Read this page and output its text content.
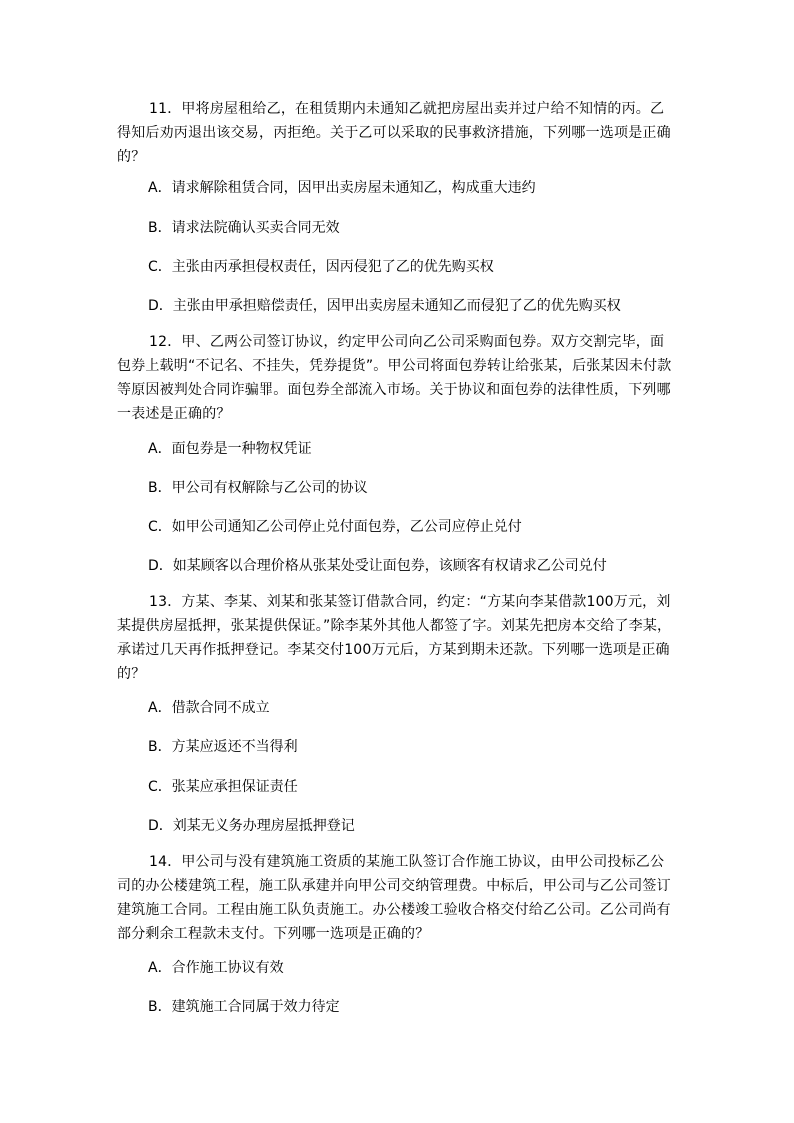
11．甲将房屋租给乙，在租赁期内未通知乙就把房屋出卖并过户给不知情的丙。乙得知后劝丙退出该交易，丙拒绝。关于乙可以采取的民事救济措施，下列哪一选项是正确的？

A．请求解除租赁合同，因甲出卖房屋未通知乙，构成重大违约

B．请求法院确认买卖合同无效

C．主张由丙承担侵权责任，因丙侵犯了乙的优先购买权

D．主张由甲承担赔偿责任，因甲出卖房屋未通知乙而侵犯了乙的优先购买权

12．甲、乙两公司签订协议，约定甲公司向乙公司采购面包券。双方交割完毕，面包券上载明“不记名、不挂失，凭券提货”。甲公司将面包券转让给张某，后张某因未付款等原因被判处合同诈骗罪。面包券全部流入市场。关于协议和面包券的法律性质，下列哪一表述是正确的？

A．面包券是一种物权凭证

B．甲公司有权解除与乙公司的协议

C．如甲公司通知乙公司停止兑付面包券，乙公司应停止兑付

D．如某顾客以合理价格从张某处受让面包券，该顾客有权请求乙公司兑付

13．方某、李某、刘某和张某签订借款合同，约定：“方某向李某借款100万元，刘某提供房屋抵押，张某提供保证。”除李某外其他人都签了字。刘某先把房本交给了李某，承诺过几天再作抵押登记。李某交付100万元后，方某到期未还款。下列哪一选项是正确的？

A．借款合同不成立

B．方某应返还不当得利

C．张某应承担保证责任

D．刘某无义务办理房屋抵押登记

14．甲公司与没有建筑施工资质的某施工队签订合作施工协议，由甲公司投标乙公司的办公楼建筑工程，施工队承建并向甲公司交纳管理费。中标后，甲公司与乙公司签订建筑施工合同。工程由施工队负责施工。办公楼竣工验收合格交付给乙公司。乙公司尚有部分剩余工程款未支付。下列哪一选项是正确的？

A．合作施工协议有效

B．建筑施工合同属于效力待定
